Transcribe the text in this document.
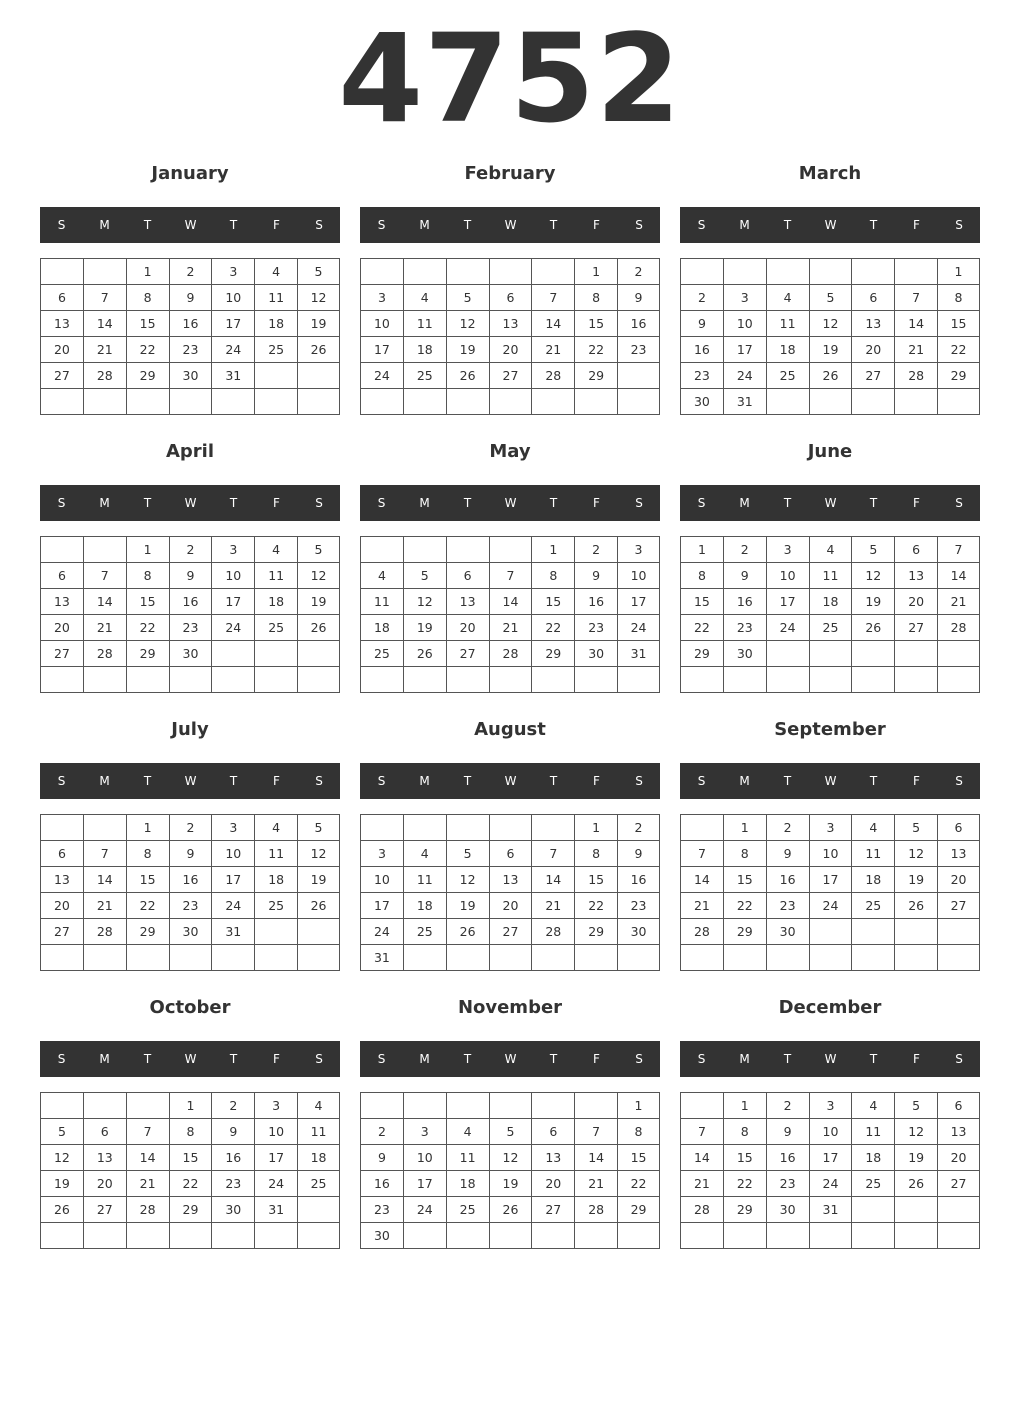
4752
January
S	M	T	W	T	F	S
		1	2	3	4	5
6	7	8	9	10	11	12
13	14	15	16	17	18	19
20	21	22	23	24	25	26
27	28	29	30	31		

February
S	M	T	W	T	F	S
					1	2
3	4	5	6	7	8	9
10	11	12	13	14	15	16
17	18	19	20	21	22	23
24	25	26	27	28	29	

March
S	M	T	W	T	F	S
						1
2	3	4	5	6	7	8
9	10	11	12	13	14	15
16	17	18	19	20	21	22
23	24	25	26	27	28	29
30	31					
April
S	M	T	W	T	F	S
		1	2	3	4	5
6	7	8	9	10	11	12
13	14	15	16	17	18	19
20	21	22	23	24	25	26
27	28	29	30			

May
S	M	T	W	T	F	S
				1	2	3
4	5	6	7	8	9	10
11	12	13	14	15	16	17
18	19	20	21	22	23	24
25	26	27	28	29	30	31

June
S	M	T	W	T	F	S
1	2	3	4	5	6	7
8	9	10	11	12	13	14
15	16	17	18	19	20	21
22	23	24	25	26	27	28
29	30					

July
S	M	T	W	T	F	S
		1	2	3	4	5
6	7	8	9	10	11	12
13	14	15	16	17	18	19
20	21	22	23	24	25	26
27	28	29	30	31		

August
S	M	T	W	T	F	S
					1	2
3	4	5	6	7	8	9
10	11	12	13	14	15	16
17	18	19	20	21	22	23
24	25	26	27	28	29	30
31						
September
S	M	T	W	T	F	S
	1	2	3	4	5	6
7	8	9	10	11	12	13
14	15	16	17	18	19	20
21	22	23	24	25	26	27
28	29	30				

October
S	M	T	W	T	F	S
			1	2	3	4
5	6	7	8	9	10	11
12	13	14	15	16	17	18
19	20	21	22	23	24	25
26	27	28	29	30	31	

November
S	M	T	W	T	F	S
						1
2	3	4	5	6	7	8
9	10	11	12	13	14	15
16	17	18	19	20	21	22
23	24	25	26	27	28	29
30						
December
S	M	T	W	T	F	S
	1	2	3	4	5	6
7	8	9	10	11	12	13
14	15	16	17	18	19	20
21	22	23	24	25	26	27
28	29	30	31			
